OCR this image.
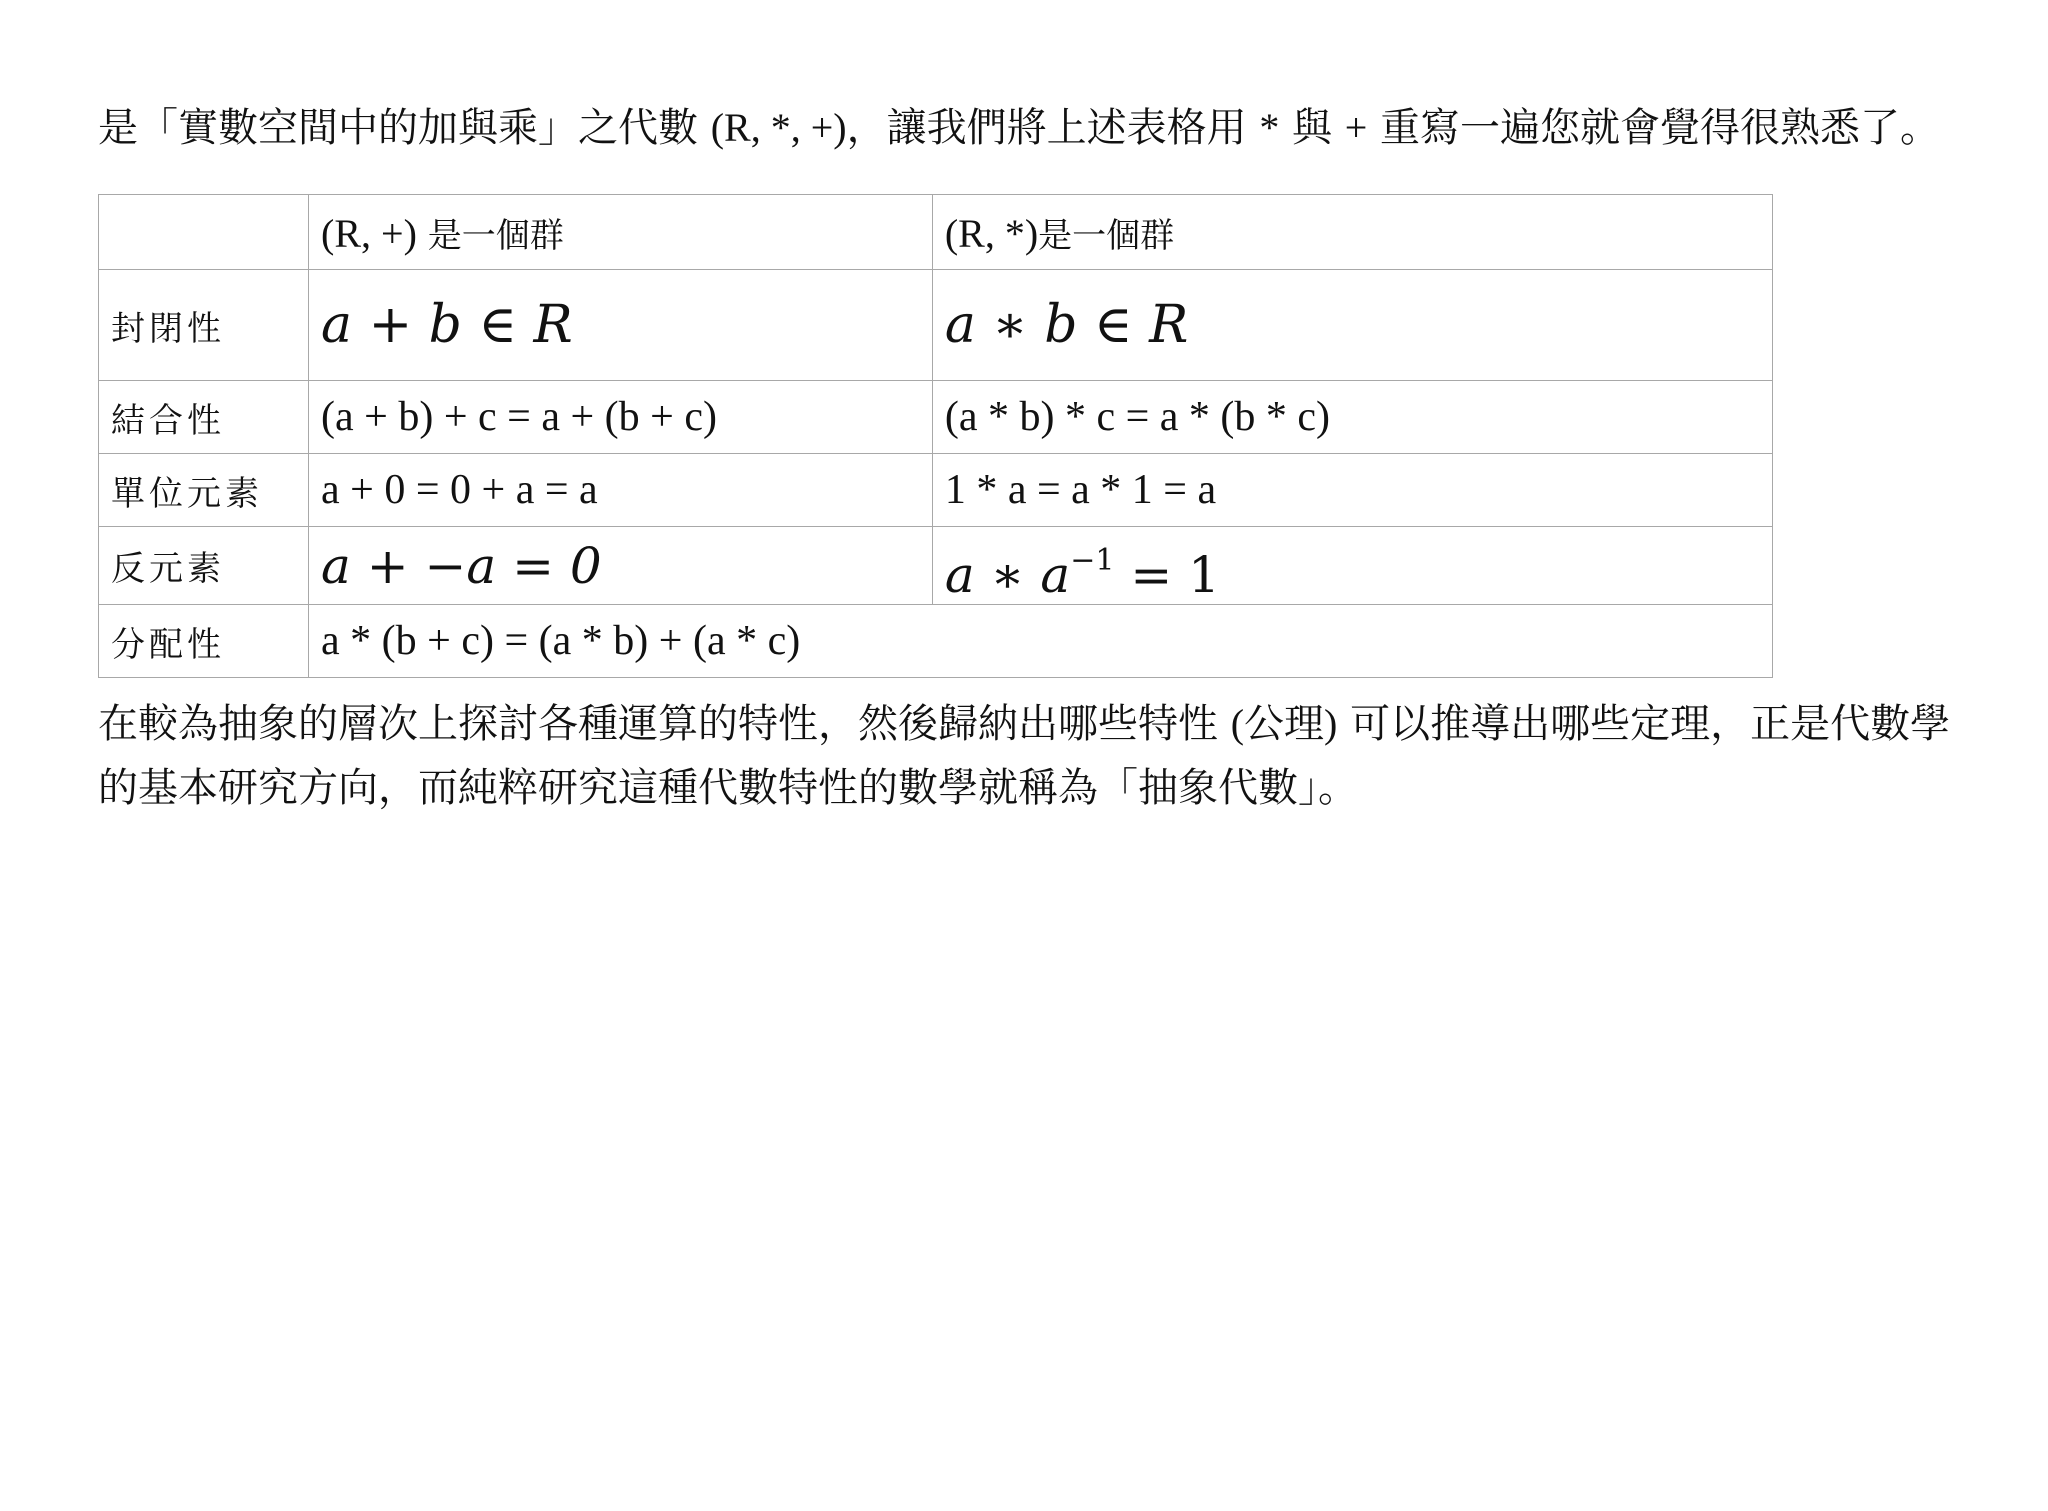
是「實數空間中的加與乘」之代數 (R, *, +)，讓我們將上述表格用 * 與 + 重寫一遍您就會覺得很熟悉了。

	(R, +) 是一個群	(R, *)是一個群
封閉性	a + b ∈ R	a ∗ b ∈ R
結合性	(a + b) + c = a + (b + c)	(a * b) * c = a * (b * c)
單位元素	a + 0 = 0 + a = a	1 * a = a * 1 = a
反元素	a + −a = 0	a ∗ $a^{-1} = 1$
分配性	a * (b + c) = (a * b) + (a * c)	

在較為抽象的層次上探討各種運算的特性，然後歸納出哪些特性 (公理) 可以推導出哪些定理，正是代數學的基本研究方向，而純粹研究這種代數特性的數學就稱為「抽象代數」。
